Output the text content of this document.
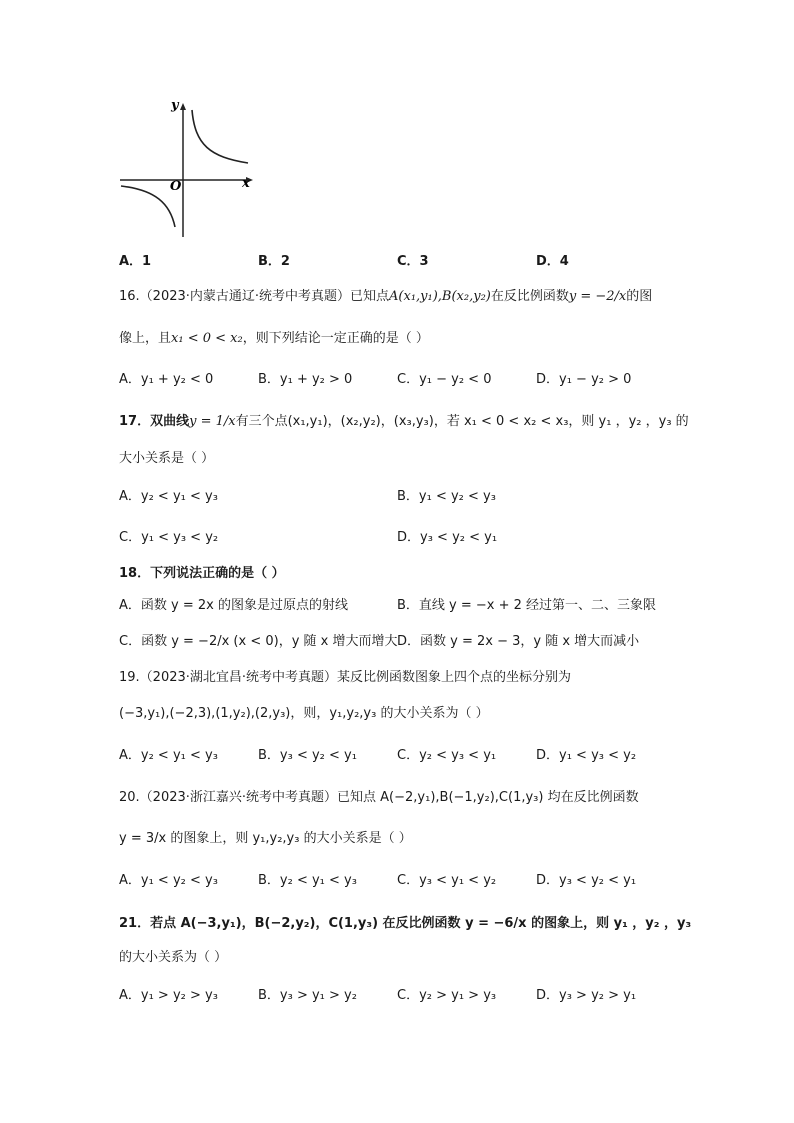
y
x
O
A．1	B．2	C．3	D．4
16.（2023·内蒙古通辽·统考中考真题）已知点A(x₁,y₁),B(x₂,y₂)在反比例函数y = −2/x的图
像上，且x₁ < 0 < x₂，则下列结论一定正确的是（ ）
A．y₁ + y₂ < 0	B．y₁ + y₂ > 0	C．y₁ − y₂ < 0	D．y₁ − y₂ > 0
17．双曲线y = 1/x有三个点(x₁,y₁)，(x₂,y₂)，(x₃,y₃)，若 x₁ < 0 < x₂ < x₃，则 y₁ ，y₂ ，y₃ 的
大小关系是（ ）
A．y₂ < y₁ < y₃	B．y₁ < y₂ < y₃
C．y₁ < y₃ < y₂	D．y₃ < y₂ < y₁
18．下列说法正确的是（ ）
A．函数 y = 2x 的图象是过原点的射线	B．直线 y = −x + 2 经过第一、二、三象限
C．函数 y = −2/x (x < 0)，y 随 x 增大而增大 D．函数 y = 2x − 3，y 随 x 增大而减小
19.（2023·湖北宜昌·统考中考真题）某反比例函数图象上四个点的坐标分别为
(−3,y₁),(−2,3),(1,y₂),(2,y₃)，则，y₁,y₂,y₃ 的大小关系为（ ）
A．y₂ < y₁ < y₃	B．y₃ < y₂ < y₁	C．y₂ < y₃ < y₁	D．y₁ < y₃ < y₂
20.（2023·浙江嘉兴·统考中考真题）已知点 A(−2,y₁),B(−1,y₂),C(1,y₃) 均在反比例函数
y = 3/x 的图象上，则 y₁,y₂,y₃ 的大小关系是（ ）
A．y₁ < y₂ < y₃	B．y₂ < y₁ < y₃	C．y₃ < y₁ < y₂	D．y₃ < y₂ < y₁
21．若点 A(−3,y₁)，B(−2,y₂)，C(1,y₃) 在反比例函数 y = −6/x 的图象上，则 y₁ ，y₂ ，y₃
的大小关系为（ ）
A．y₁ > y₂ > y₃	B．y₃ > y₁ > y₂	C．y₂ > y₁ > y₃	D．y₃ > y₂ > y₁
